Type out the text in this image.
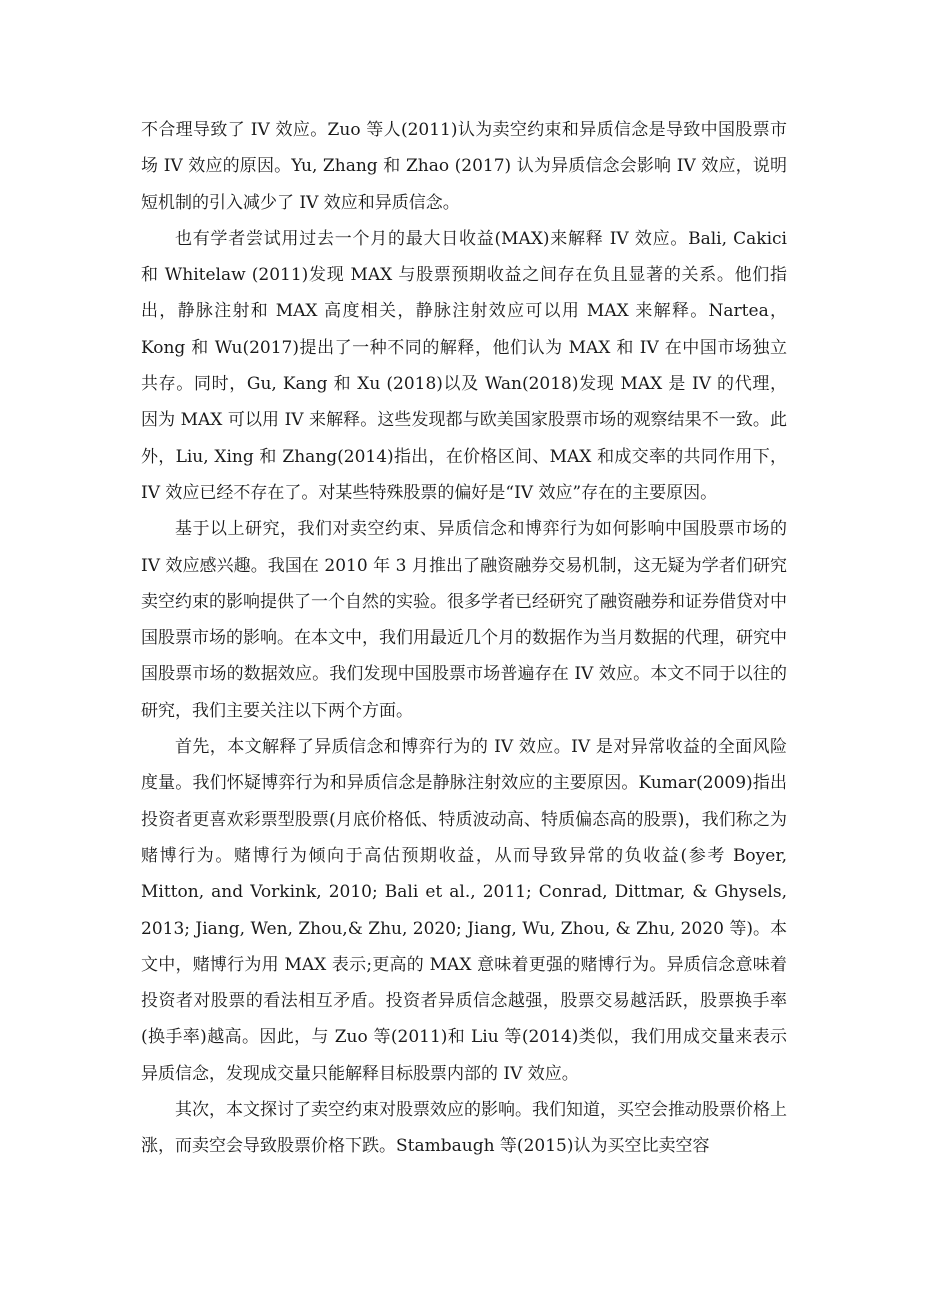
不合理导致了 IV 效应。Zuo 等人(2011)认为卖空约束和异质信念是导致中国股票市场 IV 效应的原因。Yu, Zhang 和 Zhao (2017) 认为异质信念会影响 IV 效应，说明短机制的引入减少了 IV 效应和异质信念。

也有学者尝试用过去一个月的最大日收益(MAX)来解释 IV 效应。Bali, Cakici 和 Whitelaw (2011)发现 MAX 与股票预期收益之间存在负且显著的关系。他们指出，静脉注射和 MAX 高度相关，静脉注射效应可以用 MAX 来解释。Nartea，Kong 和 Wu(2017)提出了一种不同的解释，他们认为 MAX 和 IV 在中国市场独立共存。同时，Gu, Kang 和 Xu (2018)以及 Wan(2018)发现 MAX 是 IV 的代理，因为 MAX 可以用 IV 来解释。这些发现都与欧美国家股票市场的观察结果不一致。此外，Liu, Xing 和 Zhang(2014)指出，在价格区间、MAX 和成交率的共同作用下，IV 效应已经不存在了。对某些特殊股票的偏好是“IV 效应”存在的主要原因。

基于以上研究，我们对卖空约束、异质信念和博弈行为如何影响中国股票市场的 IV 效应感兴趣。我国在 2010 年 3 月推出了融资融券交易机制，这无疑为学者们研究卖空约束的影响提供了一个自然的实验。很多学者已经研究了融资融券和证券借贷对中国股票市场的影响。在本文中，我们用最近几个月的数据作为当月数据的代理，研究中国股票市场的数据效应。我们发现中国股票市场普遍存在 IV 效应。本文不同于以往的研究，我们主要关注以下两个方面。

首先，本文解释了异质信念和博弈行为的 IV 效应。IV 是对异常收益的全面风险度量。我们怀疑博弈行为和异质信念是静脉注射效应的主要原因。Kumar(2009)指出投资者更喜欢彩票型股票(月底价格低、特质波动高、特质偏态高的股票)，我们称之为赌博行为。赌博行为倾向于高估预期收益，从而导致异常的负收益(参考 Boyer, Mitton, and Vorkink, 2010; Bali et al., 2011; Conrad, Dittmar, & Ghysels, 2013; Jiang, Wen, Zhou,& Zhu, 2020; Jiang, Wu, Zhou, & Zhu, 2020 等)。本文中，赌博行为用 MAX 表示;更高的 MAX 意味着更强的赌博行为。异质信念意味着投资者对股票的看法相互矛盾。投资者异质信念越强，股票交易越活跃，股票换手率(换手率)越高。因此，与 Zuo 等(2011)和 Liu 等(2014)类似，我们用成交量来表示异质信念，发现成交量只能解释目标股票内部的 IV 效应。

其次，本文探讨了卖空约束对股票效应的影响。我们知道，买空会推动股票价格上涨，而卖空会导致股票价格下跌。Stambaugh 等(2015)认为买空比卖空容
